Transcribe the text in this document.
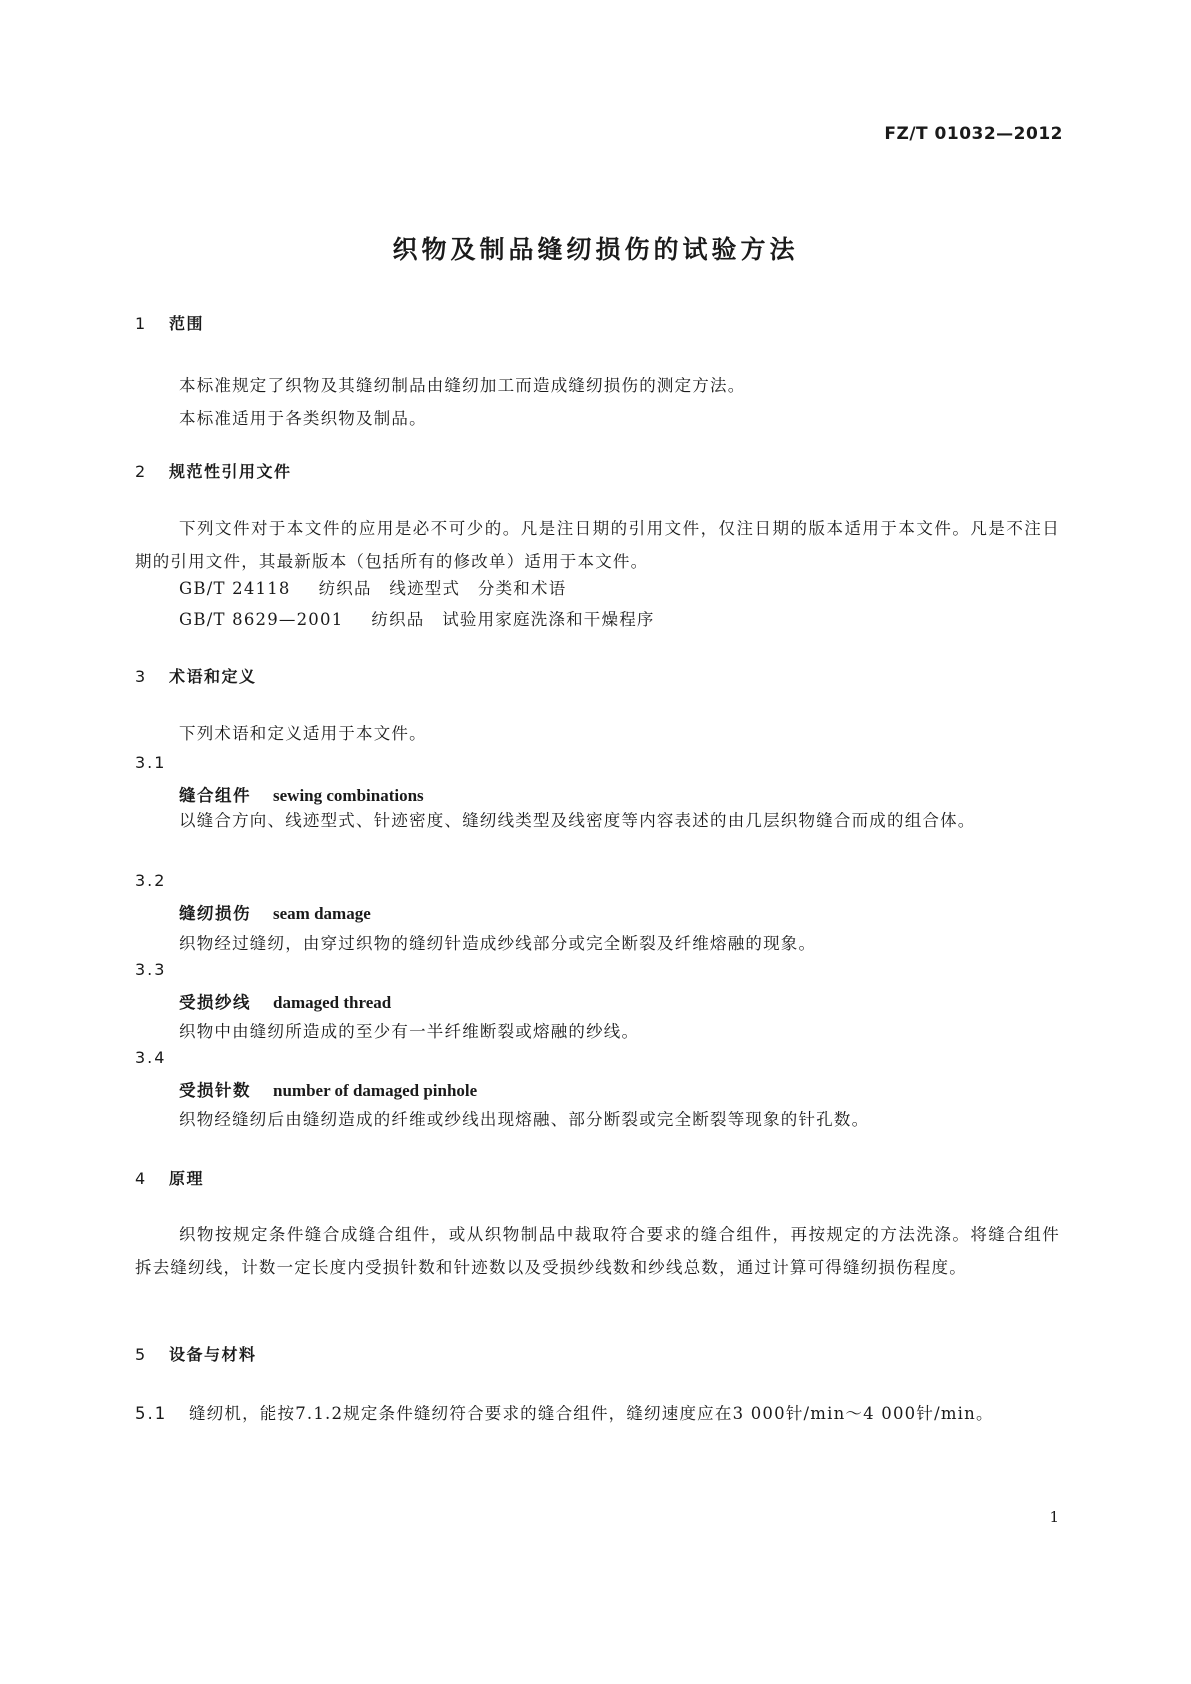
FZ/T 01032—2012
织物及制品缝纫损伤的试验方法
1 范围
本标准规定了织物及其缝纫制品由缝纫加工而造成缝纫损伤的测定方法。
本标准适用于各类织物及制品。
2 规范性引用文件
下列文件对于本文件的应用是必不可少的。凡是注日期的引用文件，仅注日期的版本适用于本文件。凡是不注日期的引用文件，其最新版本（包括所有的修改单）适用于本文件。
GB/T 24118 纺织品　线迹型式　分类和术语
GB/T 8629—2001 纺织品　试验用家庭洗涤和干燥程序
3 术语和定义
下列术语和定义适用于本文件。
3.1
缝合组件 sewing combinations
以缝合方向、线迹型式、针迹密度、缝纫线类型及线密度等内容表述的由几层织物缝合而成的组合体。
3.2
缝纫损伤 seam damage
织物经过缝纫，由穿过织物的缝纫针造成纱线部分或完全断裂及纤维熔融的现象。
3.3
受损纱线 damaged thread
织物中由缝纫所造成的至少有一半纤维断裂或熔融的纱线。
3.4
受损针数 number of damaged pinhole
织物经缝纫后由缝纫造成的纤维或纱线出现熔融、部分断裂或完全断裂等现象的针孔数。
4 原理
织物按规定条件缝合成缝合组件，或从织物制品中裁取符合要求的缝合组件，再按规定的方法洗涤。将缝合组件拆去缝纫线，计数一定长度内受损针数和针迹数以及受损纱线数和纱线总数，通过计算可得缝纫损伤程度。
5 设备与材料
5.1 缝纫机，能按7.1.2规定条件缝纫符合要求的缝合组件，缝纫速度应在3 000针/min～4 000针/min。
1
